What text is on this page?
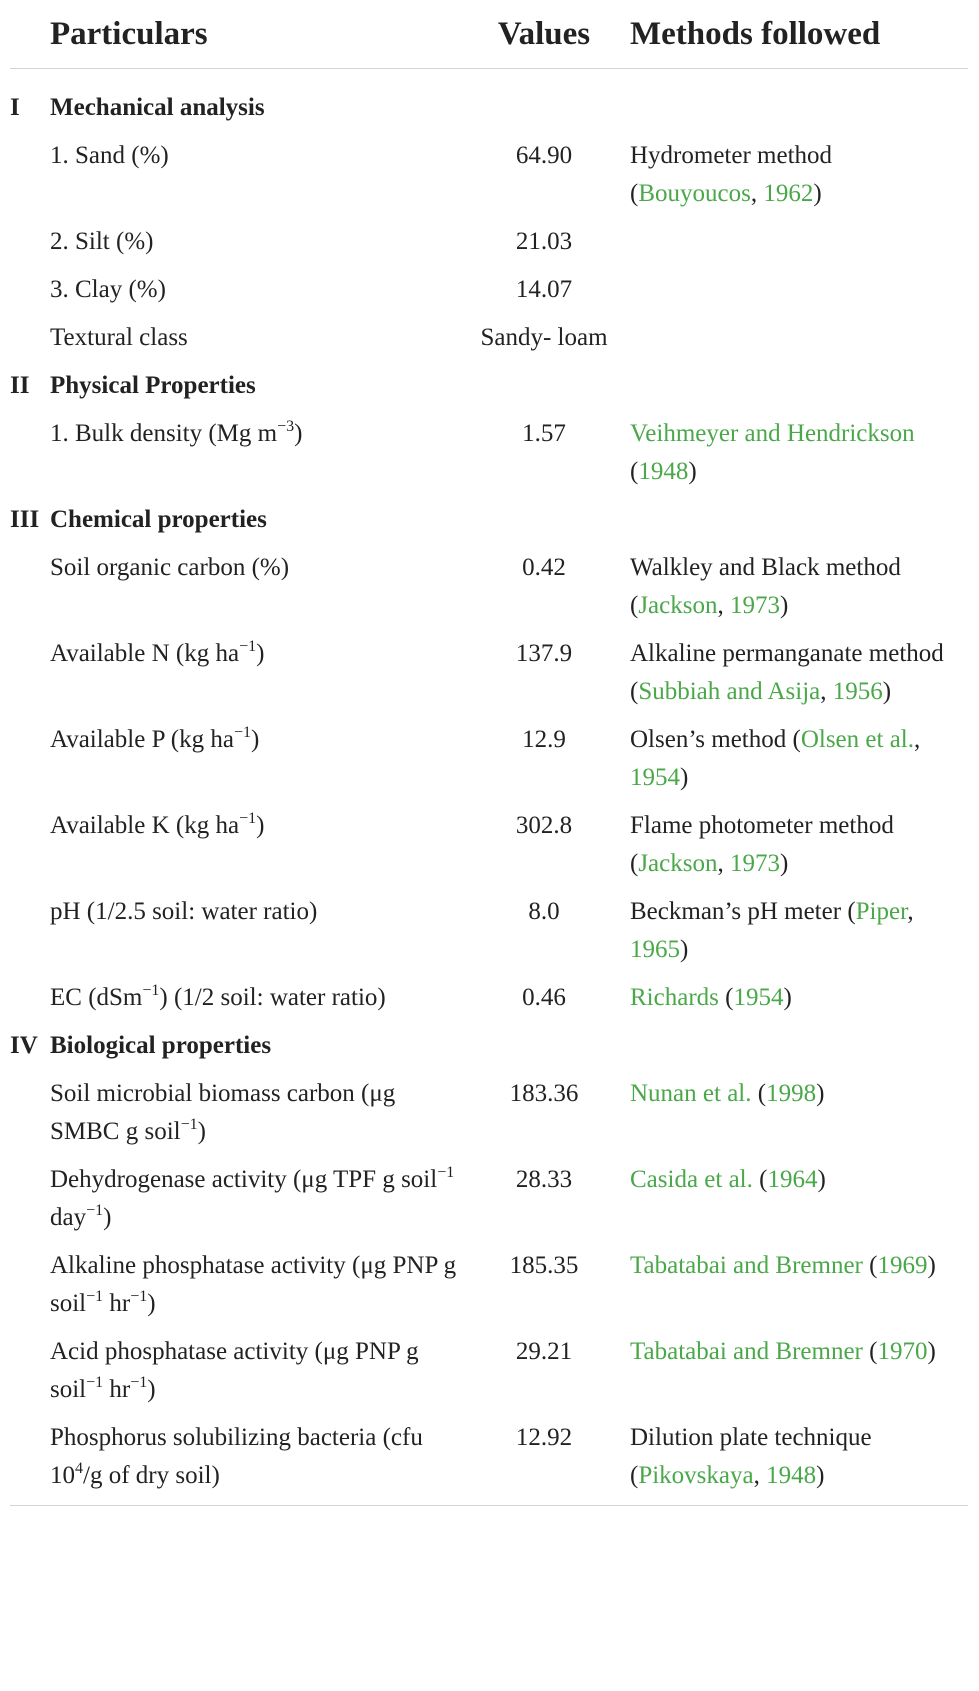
	Particulars	Values	Methods followed
I	Mechanical analysis		
	1. Sand (%)	64.90	Hydrometer method (Bouyoucos, 1962)
	2. Silt (%)	21.03	
	3. Clay (%)	14.07	
	Textural class	Sandy- loam	
II	Physical Properties		
	1. Bulk density (Mg $m^{-3}$)	1.57	Veihmeyer and Hendrickson (1948)
III	Chemical properties		
	Soil organic carbon (%)	0.42	Walkley and Black method (Jackson, 1973)
	Available N (kg $ha^{-1}$)	137.9	Alkaline permanganate method (Subbiah and Asija, 1956)
	Available P (kg $ha^{-1}$)	12.9	Olsen’s method (Olsen et al., 1954)
	Available K (kg $ha^{-1}$)	302.8	Flame photometer method (Jackson, 1973)
	pH (1/2.5 soil: water ratio)	8.0	Beckman’s pH meter (Piper, 1965)
	EC (dSm$^{-1}$) (1/2 soil: water ratio)	0.46	Richards (1954)
IV	Biological properties		
	Soil microbial biomass carbon (μg SMBC g soil$^{-1}$)	183.36	Nunan et al. (1998)
	Dehydrogenase activity (μg TPF g soil$^{-1}$ day$^{-1}$)	28.33	Casida et al. (1964)
	Alkaline phosphatase activity (μg PNP g soil$^{-1}$ $hr^{-1}$)	185.35	Tabatabai and Bremner (1969)
	Acid phosphatase activity (μg PNP g soil$^{-1}$ $hr^{-1}$)	29.21	Tabatabai and Bremner (1970)
	Phosphorus solubilizing bacteria (cfu $10^4/g$ of dry soil)	12.92	Dilution plate technique (Pikovskaya, 1948)
